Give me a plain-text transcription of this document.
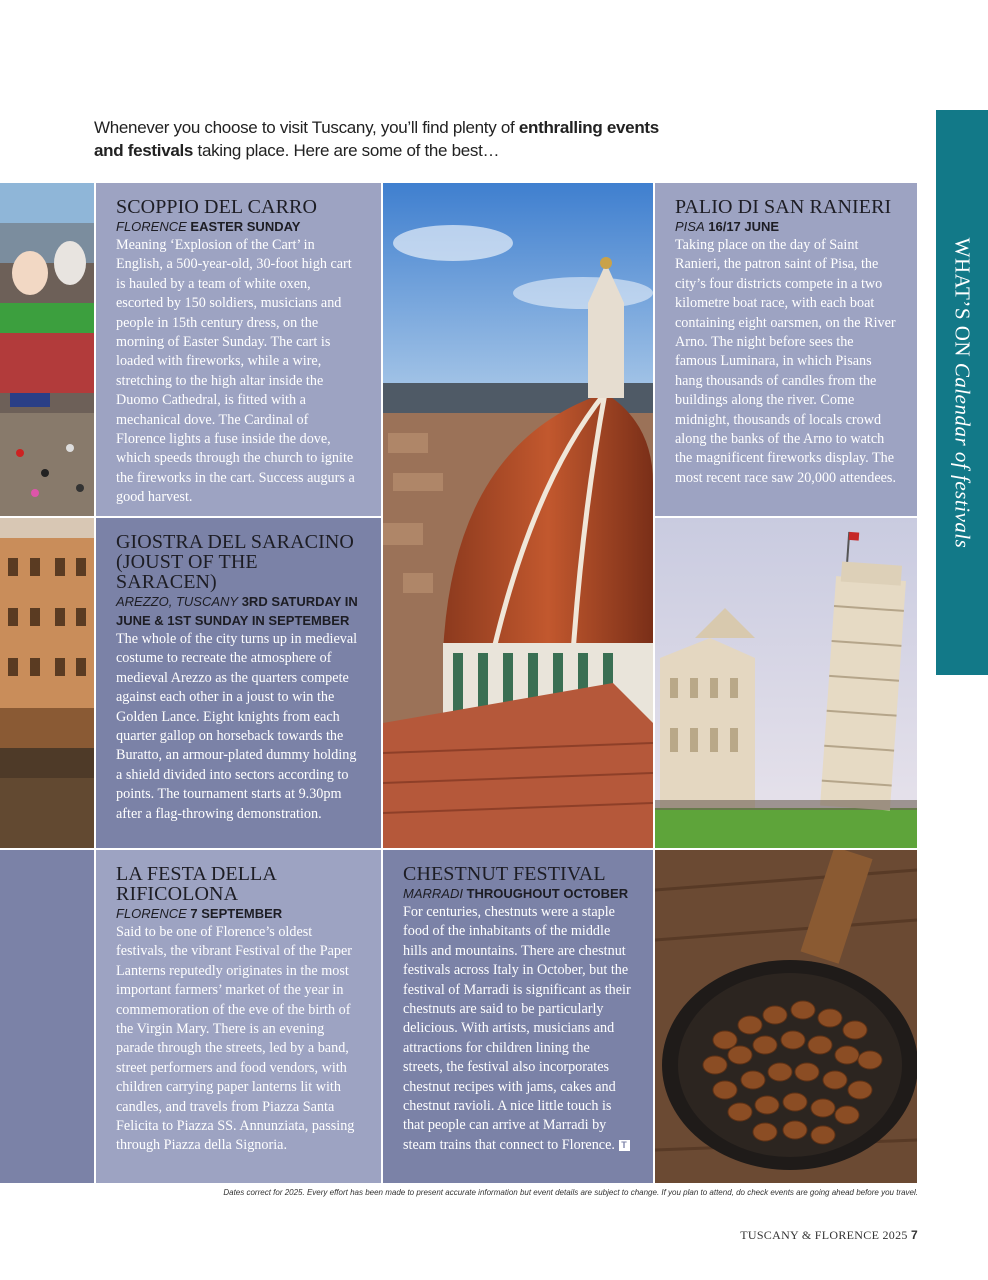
Whenever you choose to visit Tuscany, you’ll find plenty of enthralling events
and festivals taking place. Here are some of the best…
WHAT’S ON Calendar of festivals
SCOPPIO DEL CARRO
FLORENCE EASTER SUNDAY

Meaning ‘Explosion of the Cart’ in English, a 500-year-old, 30-foot high cart is hauled by a team of white oxen, escorted by 150 soldiers, musicians and people in 15th century dress, on the morning of Easter Sunday. The cart is loaded with fireworks, while a wire, stretching to the high altar inside the Duomo Cathedral, is fitted with a mechanical dove. The Cardinal of Florence lights a fuse inside the dove, which speeds through the church to ignite the fireworks in the cart. Success augurs a good harvest.

GIOSTRA DEL SARACINO (JOUST OF THE SARACEN)
AREZZO, TUSCANY 3RD SATURDAY IN JUNE & 1ST SUNDAY IN SEPTEMBER

The whole of the city turns up in medieval costume to recreate the atmosphere of medieval Arezzo as the quarters compete against each other in a joust to win the Golden Lance. Eight knights from each quarter gallop on horseback towards the Buratto, an armour-plated dummy holding a shield divided into sectors according to points. The tournament starts at 9.30pm after a flag-throwing demonstration.

LA FESTA DELLA RIFICOLONA
FLORENCE 7 SEPTEMBER

Said to be one of Florence’s oldest festivals, the vibrant Festival of the Paper Lanterns reputedly originates in the most important farmers’ market of the year in commemoration of the eve of the birth of the Virgin Mary. There is an evening parade through the streets, led by a band, street performers and food vendors, with children carrying paper lanterns lit with candles, and travels from Piazza Santa Felicita to Piazza SS. Annunziata, passing through Piazza della Signoria.

CHESTNUT FESTIVAL
MARRADI THROUGHOUT OCTOBER

For centuries, chestnuts were a staple food of the inhabitants of the middle hills and mountains. There are chestnut festivals across Italy in October, but the festival of Marradi is significant as their chestnuts are said to be particularly delicious. With artists, musicians and attractions for children lining the streets, the festival also incorporates chestnut recipes with jams, cakes and chestnut ravioli. A nice little touch is that people can arrive at Marradi by steam trains that connect to Florence. T

PALIO DI SAN RANIERI
PISA 16/17 JUNE

Taking place on the day of Saint Ranieri, the patron saint of Pisa, the city’s four districts compete in a two kilometre boat race, with each boat containing eight oarsmen, on the River Arno. The night before sees the famous Luminara, in which Pisans hang thousands of candles from the buildings along the river. Come midnight, thousands of locals crowd along the banks of the Arno to watch the magnificent fireworks display. The most recent race saw 20,000 attendees.

Dates correct for 2025. Every effort has been made to present accurate information but event details are subject to change. If you plan to attend, do check events are going ahead before you travel.
TUSCANY & FLORENCE 2025 7
